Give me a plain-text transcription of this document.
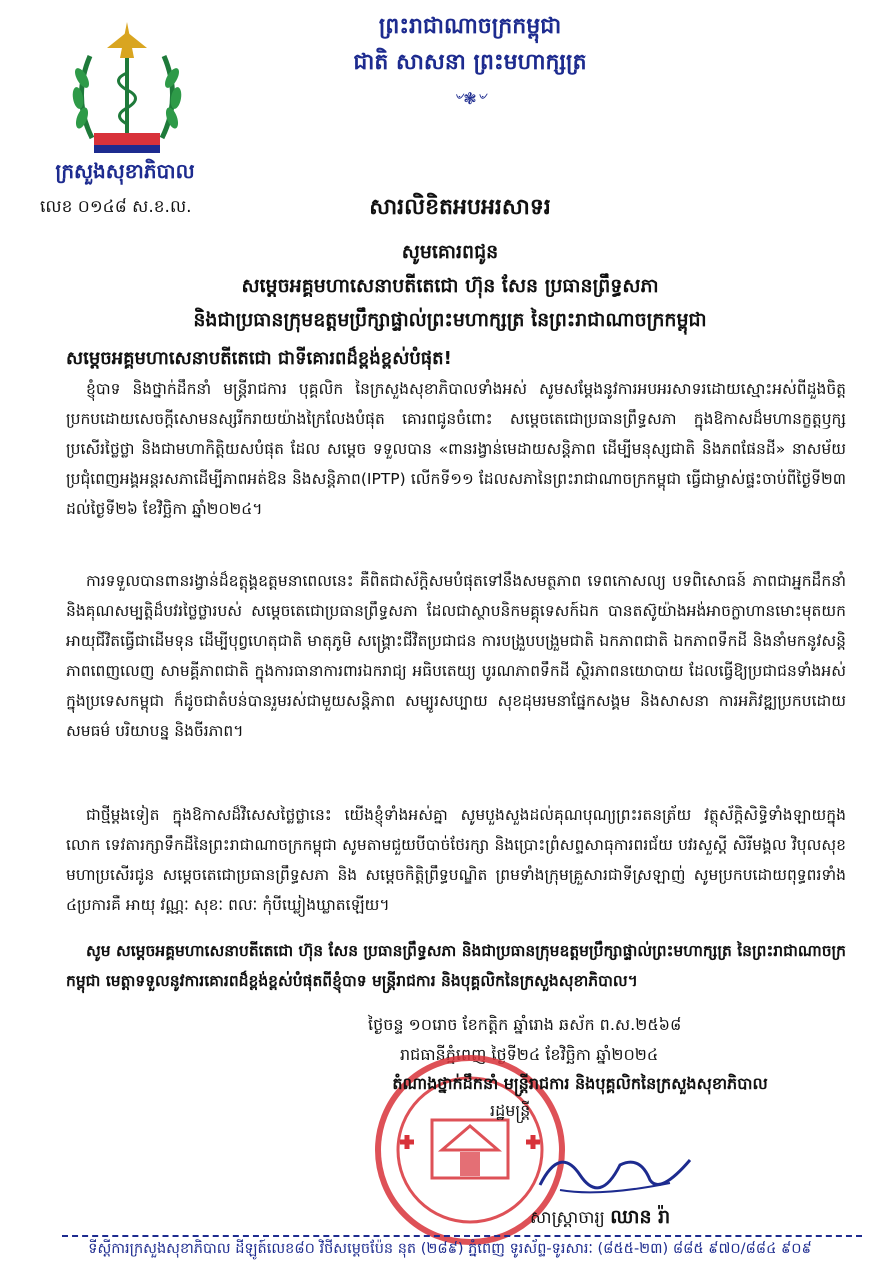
ក្រសួងសុខាភិបាល
លេខ ០១៤៨ ស.ខ.ល.
ព្រះរាជាណាចក្រកម្ពុជា
ជាតិ សាសនា ព្រះមហាក្សត្រ
৺❃৺
សារលិខិតអបអរសាទរ
សូមគោរពជូន
សម្តេចអគ្គមហាសេនាបតីតេជោ ហ៊ុន សែន ប្រធានព្រឹទ្ធសភា
និងជាប្រធានក្រុមឧត្តមប្រឹក្សាផ្ទាល់ព្រះមហាក្សត្រ នៃព្រះរាជាណាចក្រកម្ពុជា
សម្តេចអគ្គមហាសេនាបតីតេជោ ជាទីគោរពដ៏ខ្ពង់ខ្ពស់បំផុត!
ខ្ញុំបាទ និងថ្នាក់ដឹកនាំ មន្ត្រីរាជការ បុគ្គលិក នៃក្រសួងសុខាភិបាលទាំងអស់ សូមសម្តែងនូវការអបអរសាទរដោយស្មោះអស់ពីដួងចិត្ត ប្រកបដោយសេចក្តីសោមនស្សរីករាយយ៉ាងក្រៃលែងបំផុត គោរពជូនចំពោះ សម្តេចតេជោប្រធានព្រឹទ្ធសភា ក្នុងឱកាសដ៏មហានក្ខត្តឫក្សប្រសើរថ្លៃថ្លា និងជាមហាកិត្តិយសបំផុត ដែល សម្តេច ទទួលបាន «ពានរង្វាន់មេដាយសន្តិភាព ដើម្បីមនុស្សជាតិ និងភពផែនដី» នាសម័យប្រជុំពេញអង្គអន្តរសភាដើម្បីភាពអត់ឱន និងសន្តិភាព(IPTP) លើកទី១១ ដែលសភានៃព្រះរាជាណាចក្រកម្ពុជា ធ្វើជាម្ចាស់ផ្ទះចាប់ពីថ្ងៃទី២៣ ដល់ថ្ងៃទី២៦ ខែវិច្ឆិកា ឆ្នាំ២០២៤។
ការទទួលបានពានរង្វាន់ដ៏ឧត្តុង្គឧត្តមនាពេលនេះ គឺពិតជាស័ក្តិសមបំផុតទៅនឹងសមត្ថភាព ទេពកោសល្យ បទពិសោធន៍ ភាពជាអ្នកដឹកនាំ និងគុណសម្បត្តិដ៏បវរថ្លៃថ្លារបស់ សម្តេចតេជោប្រធានព្រឹទ្ធសភា ដែលជាស្ថាបនិកមគ្គុទេសក៍ឯក បានតស៊ូយ៉ាងអង់អាចក្លាហានមោះមុតយកអាយុជីវិតធ្វើជាដើមទុន ដើម្បីបុព្វហេតុជាតិ មាតុភូមិ សង្គ្រោះជីវិតប្រជាជន ការបង្រួបបង្រួមជាតិ ឯកភាពជាតិ ឯកភាពទឹកដី និងនាំមកនូវសន្តិភាពពេញលេញ សាមគ្គីភាពជាតិ ក្នុងការធានាការពារឯករាជ្យ អធិបតេយ្យ បូរណភាពទឹកដី ស្ថិរភាពនយោបាយ ដែលធ្វើឱ្យប្រជាជនទាំងអស់ក្នុងប្រទេសកម្ពុជា ក៏ដូចជាតំបន់បានរួមរស់ជាមួយសន្តិភាព សម្បូរសប្បាយ សុខដុមរមនាផ្នែកសង្គម និងសាសនា ការអភិវឌ្ឍប្រកបដោយសមធម៌ បរិយាបន្ន និងចីរភាព។
ជាថ្មីម្តងទៀត ក្នុងឱកាសដ៏វិសេសថ្លៃថ្លានេះ យើងខ្ញុំទាំងអស់គ្នា សូមបួងសួងដល់គុណបុណ្យព្រះរតនត្រ័យ វត្ថុស័ក្តិសិទ្ធិទាំងឡាយក្នុងលោក ទេវតារក្សាទឹកដីនៃព្រះរាជាណាចក្រកម្ពុជា សូមតាមជួយបីបាច់ថែរក្សា និងប្រោះព្រំសព្ទសាធុការពរជ័យ បវរសួស្តី សិរីមង្គល វិបុលសុខ មហាប្រសើរជូន សម្តេចតេជោប្រធានព្រឹទ្ធសភា និង សម្តេចកិត្តិព្រឹទ្ធបណ្ឌិត ព្រមទាំងក្រុមគ្រួសារជាទីស្រឡាញ់ សូមប្រកបដោយពុទ្ធពរទាំង ៤ប្រការគឺ អាយុ វណ្ណៈ សុខៈ ពលៈ កុំបីឃ្លៀងឃ្លាតឡើយ។
សូម សម្តេចអគ្គមហាសេនាបតីតេជោ ហ៊ុន សែន ប្រធានព្រឹទ្ធសភា និងជាប្រធានក្រុមឧត្តមប្រឹក្សាផ្ទាល់ព្រះមហាក្សត្រ នៃព្រះរាជាណាចក្រកម្ពុជា មេត្តាទទួលនូវការគោរពដ៏ខ្ពង់ខ្ពស់បំផុតពីខ្ញុំបាទ មន្ត្រីរាជការ និងបុគ្គលិកនៃក្រសួងសុខាភិបាល។
ថ្ងៃចន្ទ ១០រោច ខែកត្តិក ឆ្នាំរោង ឆស័ក ព.ស.២៥៦៨
រាជធានីភ្នំពេញ ថ្ងៃទី២៤ ខែវិច្ឆិកា ឆ្នាំ២០២៤
តំណាងថ្នាក់ដឹកនាំ មន្ត្រីរាជការ និងបុគ្គលិកនៃក្រសួងសុខាភិបាល
រដ្ឋមន្ត្រី
សាស្ត្រាចារ្យ ឈាន រ៉ា
ទីស្តីការក្រសួងសុខាភិបាល ដីឡូត៍លេខ៨០ វិថីសម្តេចប៉ែន នុត (២៨៩) ភ្នំពេញ ទូរស័ព្ទ-ទូរសារៈ (៨៥៥-២៣) ៨៨៥ ៩៧០/៨៨៤ ៩០៩
